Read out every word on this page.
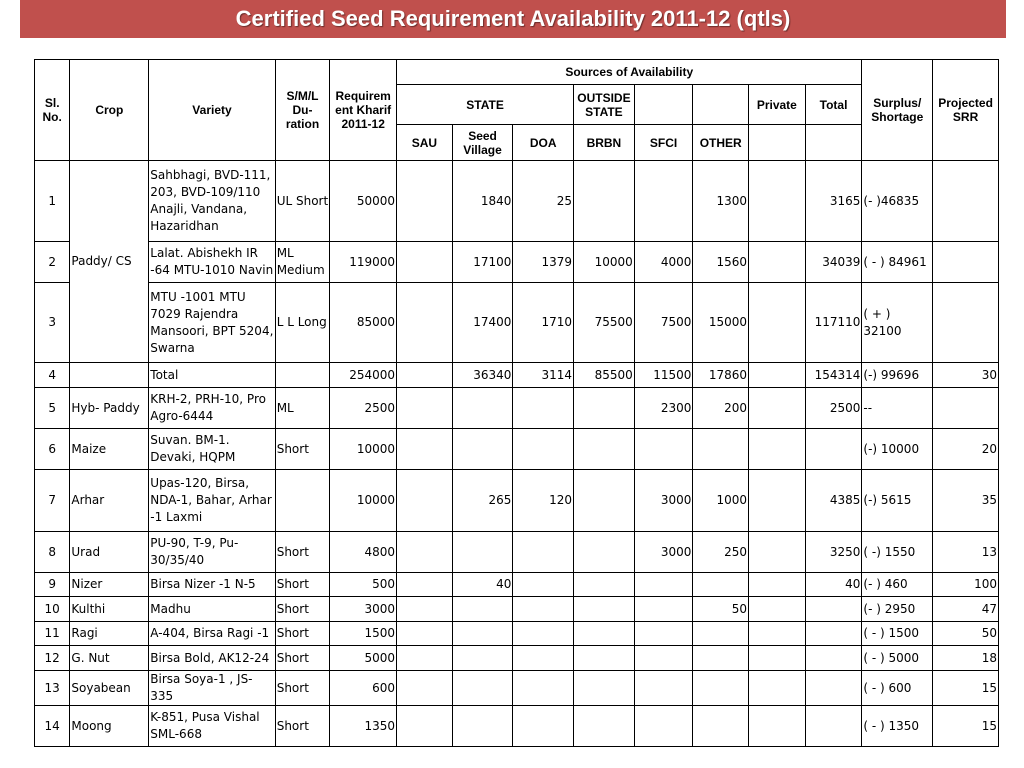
Certified Seed Requirement Availability 2011-12 (qtls)
Sl. No.	Crop	Variety	S/M/L Du-ration	Requirem ent Kharif 2011-12	Sources of Availability								Surplus/ Shortage	Projected SRR
					STATE			OUTSIDE STATE			Private	Total		
					SAU	Seed Village	DOA	BRBN	SFCI	OTHER				
1	Paddy/ CS	Sahbhagi, BVD-111, 203, BVD-109/110 Anajli, Vandana, Hazaridhan	UL Short	50000		1840	25			1300		3165	(- )46835	
2		Lalat. Abishekh IR -64 MTU-1010 Navin	ML Medium	119000		17100	1379	10000	4000	1560		34039	( - ) 84961	
3		MTU -1001 MTU 7029 Rajendra Mansoori, BPT 5204, Swarna	L L Long	85000		17400	1710	75500	7500	15000		117110	( + ) 32100	
4		Total		254000		36340	3114	85500	11500	17860		154314	(-) 99696	30
5	Hyb- Paddy	KRH-2, PRH-10, Pro Agro-6444	ML	2500					2300	200		2500	--	
6	Maize	Suvan. BM-1. Devaki, HQPM	Short	10000									(-) 10000	20
7	Arhar	Upas-120, Birsa, NDA-1, Bahar, Arhar -1 Laxmi		10000		265	120		3000	1000		4385	(-) 5615	35
8	Urad	PU-90, T-9, Pu- 30/35/40	Short	4800					3000	250		3250	( -) 1550	13
9	Nizer	Birsa Nizer -1 N-5	Short	500		40						40	(- ) 460	100
10	Kulthi	Madhu	Short	3000						50			(- ) 2950	47
11	Ragi	A-404, Birsa Ragi -1	Short	1500									( - ) 1500	50
12	G. Nut	Birsa Bold, AK12-24	Short	5000									( - ) 5000	18
13	Soyabean	Birsa Soya-1 , JS-335	Short	600									( - ) 600	15
14	Moong	K-851, Pusa Vishal SML-668	Short	1350									( - ) 1350	15
